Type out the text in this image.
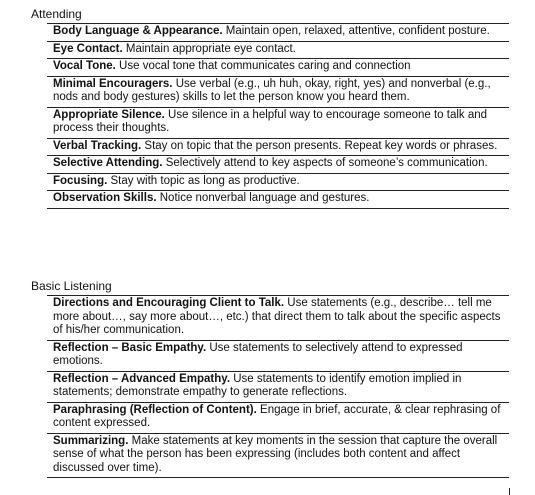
Attending
Body Language & Appearance. Maintain open, relaxed, attentive, confident posture.
Eye Contact. Maintain appropriate eye contact.
Vocal Tone. Use vocal tone that communicates caring and connection
Minimal Encouragers. Use verbal (e.g., uh huh, okay, right, yes) and nonverbal (e.g., nods and body gestures) skills to let the person know you heard them.
Appropriate Silence. Use silence in a helpful way to encourage someone to talk and process their thoughts.
Verbal Tracking. Stay on topic that the person presents. Repeat key words or phrases.
Selective Attending. Selectively attend to key aspects of someone’s communication.
Focusing. Stay with topic as long as productive.
Observation Skills. Notice nonverbal language and gestures.
Basic Listening
Directions and Encouraging Client to Talk. Use statements (e.g., describe… tell me more about…, say more about…, etc.) that direct them to talk about the specific aspects of his/her communication.
Reflection – Basic Empathy. Use statements to selectively attend to expressed emotions.
Reflection – Advanced Empathy. Use statements to identify emotion implied in statements; demonstrate empathy to generate reflections.
Paraphrasing (Reflection of Content). Engage in brief, accurate, & clear rephrasing of content expressed.
Summarizing. Make statements at key moments in the session that capture the overall sense of what the person has been expressing (includes both content and affect discussed over time).
